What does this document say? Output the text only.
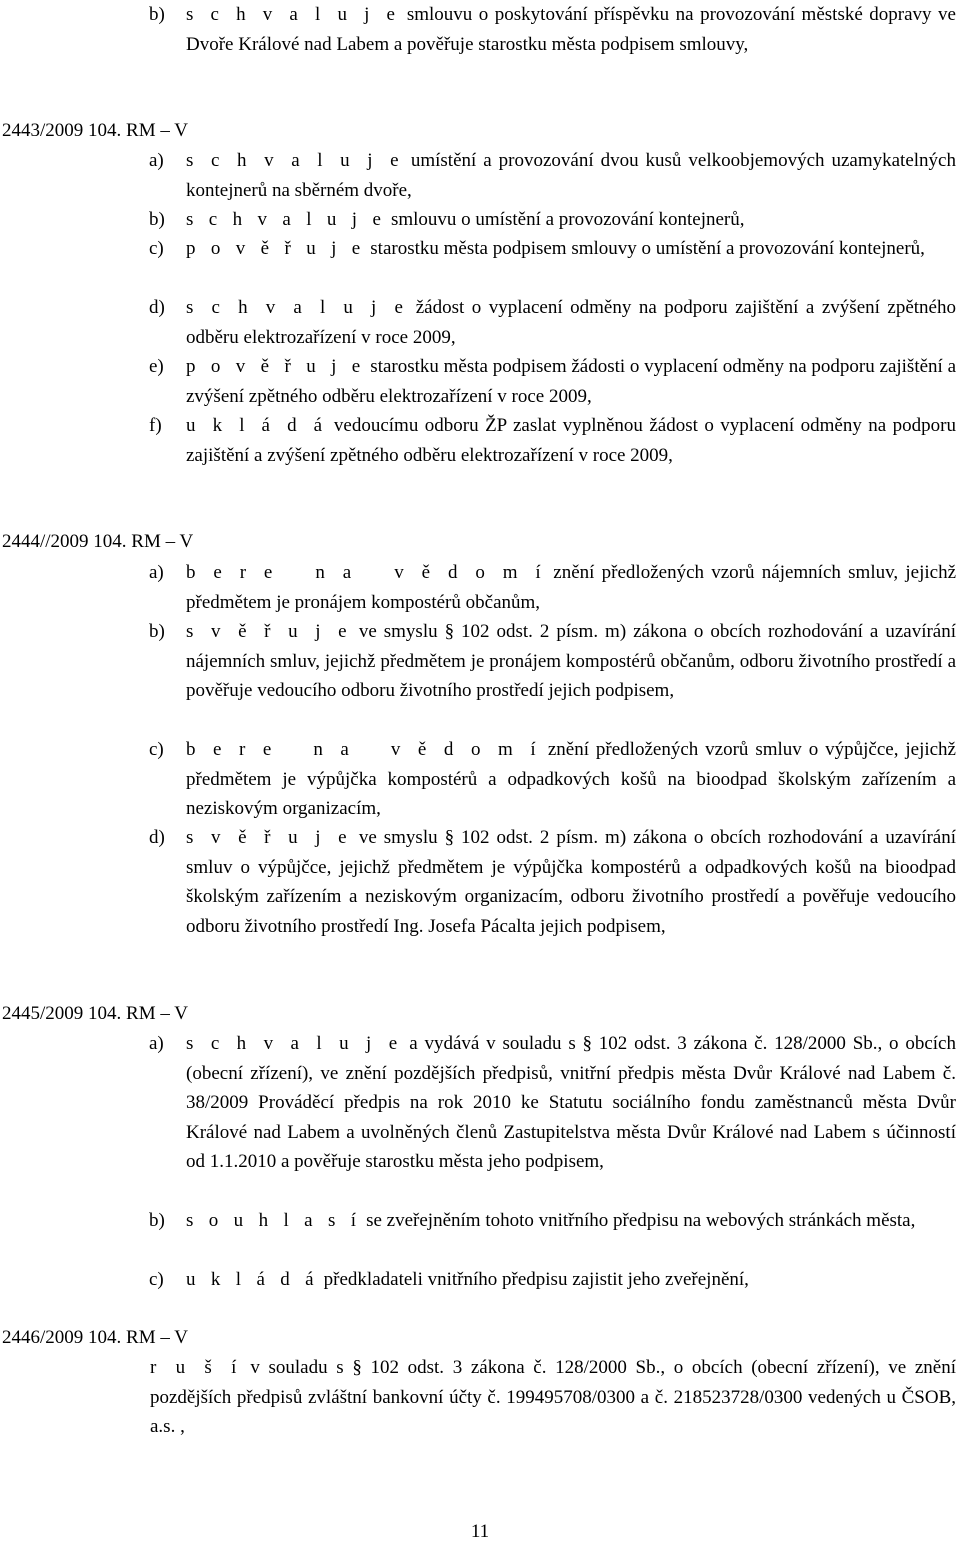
b) s c h v a l u j e smlouvu o poskytování příspěvku na provozování městské dopravy ve Dvoře Králové nad Labem a pověřuje starostku města podpisem smlouvy,
2443/2009 104. RM – V
a) s c h v a l u j e umístění a provozování dvou kusů velkoobjemových uzamykatelných kontejnerů na sběrném dvoře,
b) s c h v a l u j e smlouvu o umístění a provozování kontejnerů,
c) p o v ě ř u j e starostku města podpisem smlouvy o umístění a provozování kontejnerů,
d) s c h v a l u j e žádost o vyplacení odměny na podporu zajištění a zvýšení zpětného odběru elektrozařízení v roce 2009,
e) p o v ě ř u j e starostku města podpisem žádosti o vyplacení odměny na podporu zajištění a zvýšení zpětného odběru elektrozařízení v roce 2009,
f) u k l á d á vedoucímu odboru ŽP zaslat vyplněnou žádost o vyplacení odměny na podporu zajištění a zvýšení zpětného odběru elektrozařízení v roce 2009,
2444//2009 104. RM – V
a) b e r e   n a   v ě d o m í znění předložených vzorů nájemních smluv, jejichž předmětem je pronájem kompostérů občanům,
b) s v ě ř u j e ve smyslu § 102 odst. 2 písm. m) zákona o obcích rozhodování a uzavírání nájemních smluv, jejichž předmětem je pronájem kompostérů občanům, odboru životního prostředí a pověřuje vedoucího odboru životního prostředí jejich podpisem,
c) b e r e   n a   v ě d o m í znění předložených vzorů smluv o výpůjčce, jejichž předmětem je výpůjčka kompostérů a odpadkových košů na bioodpad školským zařízením a neziskovým organizacím,
d) s v ě ř u j e ve smyslu § 102 odst. 2 písm. m) zákona o obcích rozhodování a uzavírání smluv o výpůjčce, jejichž předmětem je výpůjčka kompostérů a odpadkových košů na bioodpad školským zařízením a neziskovým organizacím, odboru životního prostředí a pověřuje vedoucího odboru životního prostředí Ing. Josefa Pácalta jejich podpisem,
2445/2009 104. RM – V
a) s c h v a l u j e a vydává v souladu s § 102 odst. 3 zákona č. 128/2000 Sb., o obcích (obecní zřízení), ve znění pozdějších předpisů, vnitřní předpis města Dvůr Králové nad Labem č. 38/2009 Prováděcí předpis na rok 2010 ke Statutu sociálního fondu zaměstnanců města Dvůr Králové nad Labem a uvolněných členů Zastupitelstva města Dvůr Králové nad Labem s účinností od 1.1.2010 a pověřuje starostku města jeho podpisem,
b) s o u h l a s í se zveřejněním tohoto vnitřního předpisu na webových stránkách města,
c) u k l á d á předkladateli vnitřního předpisu zajistit jeho zveřejnění,
2446/2009 104. RM – V
r u š í v souladu s § 102 odst. 3 zákona č. 128/2000 Sb., o obcích (obecní zřízení), ve znění pozdějších předpisů zvláštní bankovní účty č. 199495708/0300 a č. 218523728/0300 vedených u ČSOB, a.s. ,
11
